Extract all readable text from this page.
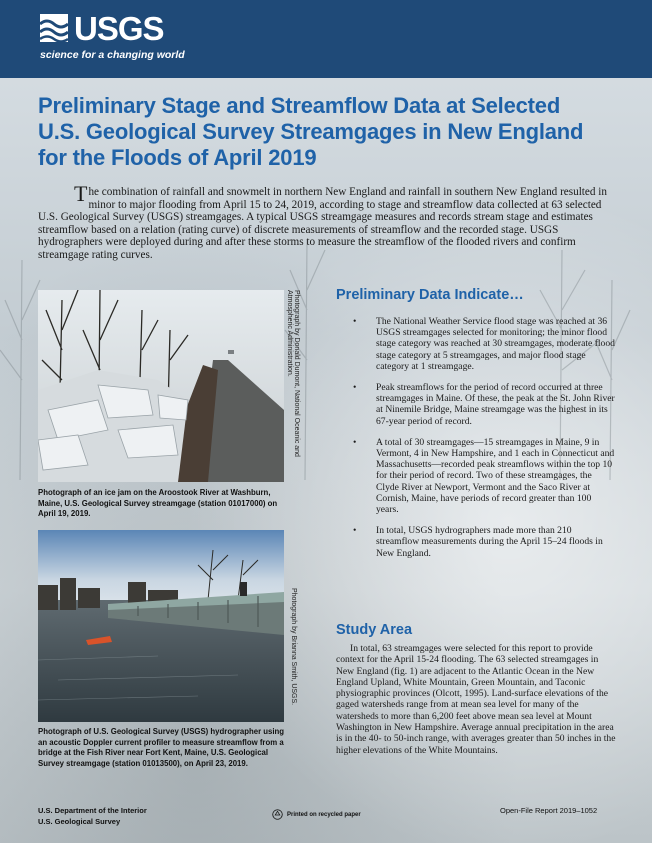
USGS
science for a changing world
Preliminary Stage and Streamflow Data at Selected
U.S. Geological Survey Streamgages in New England
for the Floods of April 2019

The combination of rainfall and snowmelt in northern New England and rainfall in southern New England resulted in minor to major flooding from April 15 to 24, 2019, according to stage and streamflow data collected at 63 selected U.S. Geological Survey (USGS) streamgages. A typical USGS streamgage measures and records stream stage and estimates streamflow based on a relation (rating curve) of discrete measurements of streamflow and the recorded stage. USGS hydrographers were deployed during and after these storms to measure the streamflow of the flooded rivers and confirm streamgage rating curves.

Photograph by Donald Dumont, National Oceanic and
Atmospheric Administration.

Photograph of an ice jam on the Aroostook River at Washburn, Maine, U.S. Geological Survey streamgage (station 01017000) on April 19, 2019.

Photograph by Brianna Smith, USGS.

Photograph of U.S. Geological Survey (USGS) hydrographer using an acoustic Doppler current profiler to measure streamflow from a bridge at the Fish River near Fort Kent, Maine, U.S. Geological Survey streamgage (station 01013500), on April 23, 2019.

Preliminary Data Indicate…
• The National Weather Service flood stage was reached at 36 USGS streamgages selected for monitoring; the minor flood stage category was reached at 30 streamgages, moderate flood stage category at 5 streamgages, and major flood stage category at 1 streamgage.
• Peak streamflows for the period of record occurred at three streamgages in Maine. Of these, the peak at the St. John River at Ninemile Bridge, Maine streamgage was the highest in its 67-year period of record.
• A total of 30 streamgages—15 streamgages in Maine, 9 in Vermont, 4 in New Hampshire, and 1 each in Connecticut and Massachusetts—recorded peak streamflows within the top 10 for their period of record. Two of these streamgages, the Clyde River at Newport, Vermont and the Saco River at Cornish, Maine, have periods of record greater than 100 years.
• In total, USGS hydrographers made more than 210 streamflow measurements during the April 15–24 floods in New England.
Study Area

In total, 63 streamgages were selected for this report to provide context for the April 15-24 flooding. The 63 selected streamgages in New England (fig. 1) are adjacent to the Atlantic Ocean in the New England Upland, White Mountain, Green Mountain, and Taconic physiographic provinces (Olcott, 1995). Land-surface elevations of the gaged watersheds range from at mean sea level for many of the watersheds to more than 6,200 feet above mean sea level at Mount Washington in New Hampshire. Average annual precipitation in the area is in the 40- to 50-inch range, with averages greater than 50 inches in the higher elevations of the White Mountains.

U.S. Department of the Interior
U.S. Geological Survey
Printed on recycled paper	Open-File Report 2019–1052
